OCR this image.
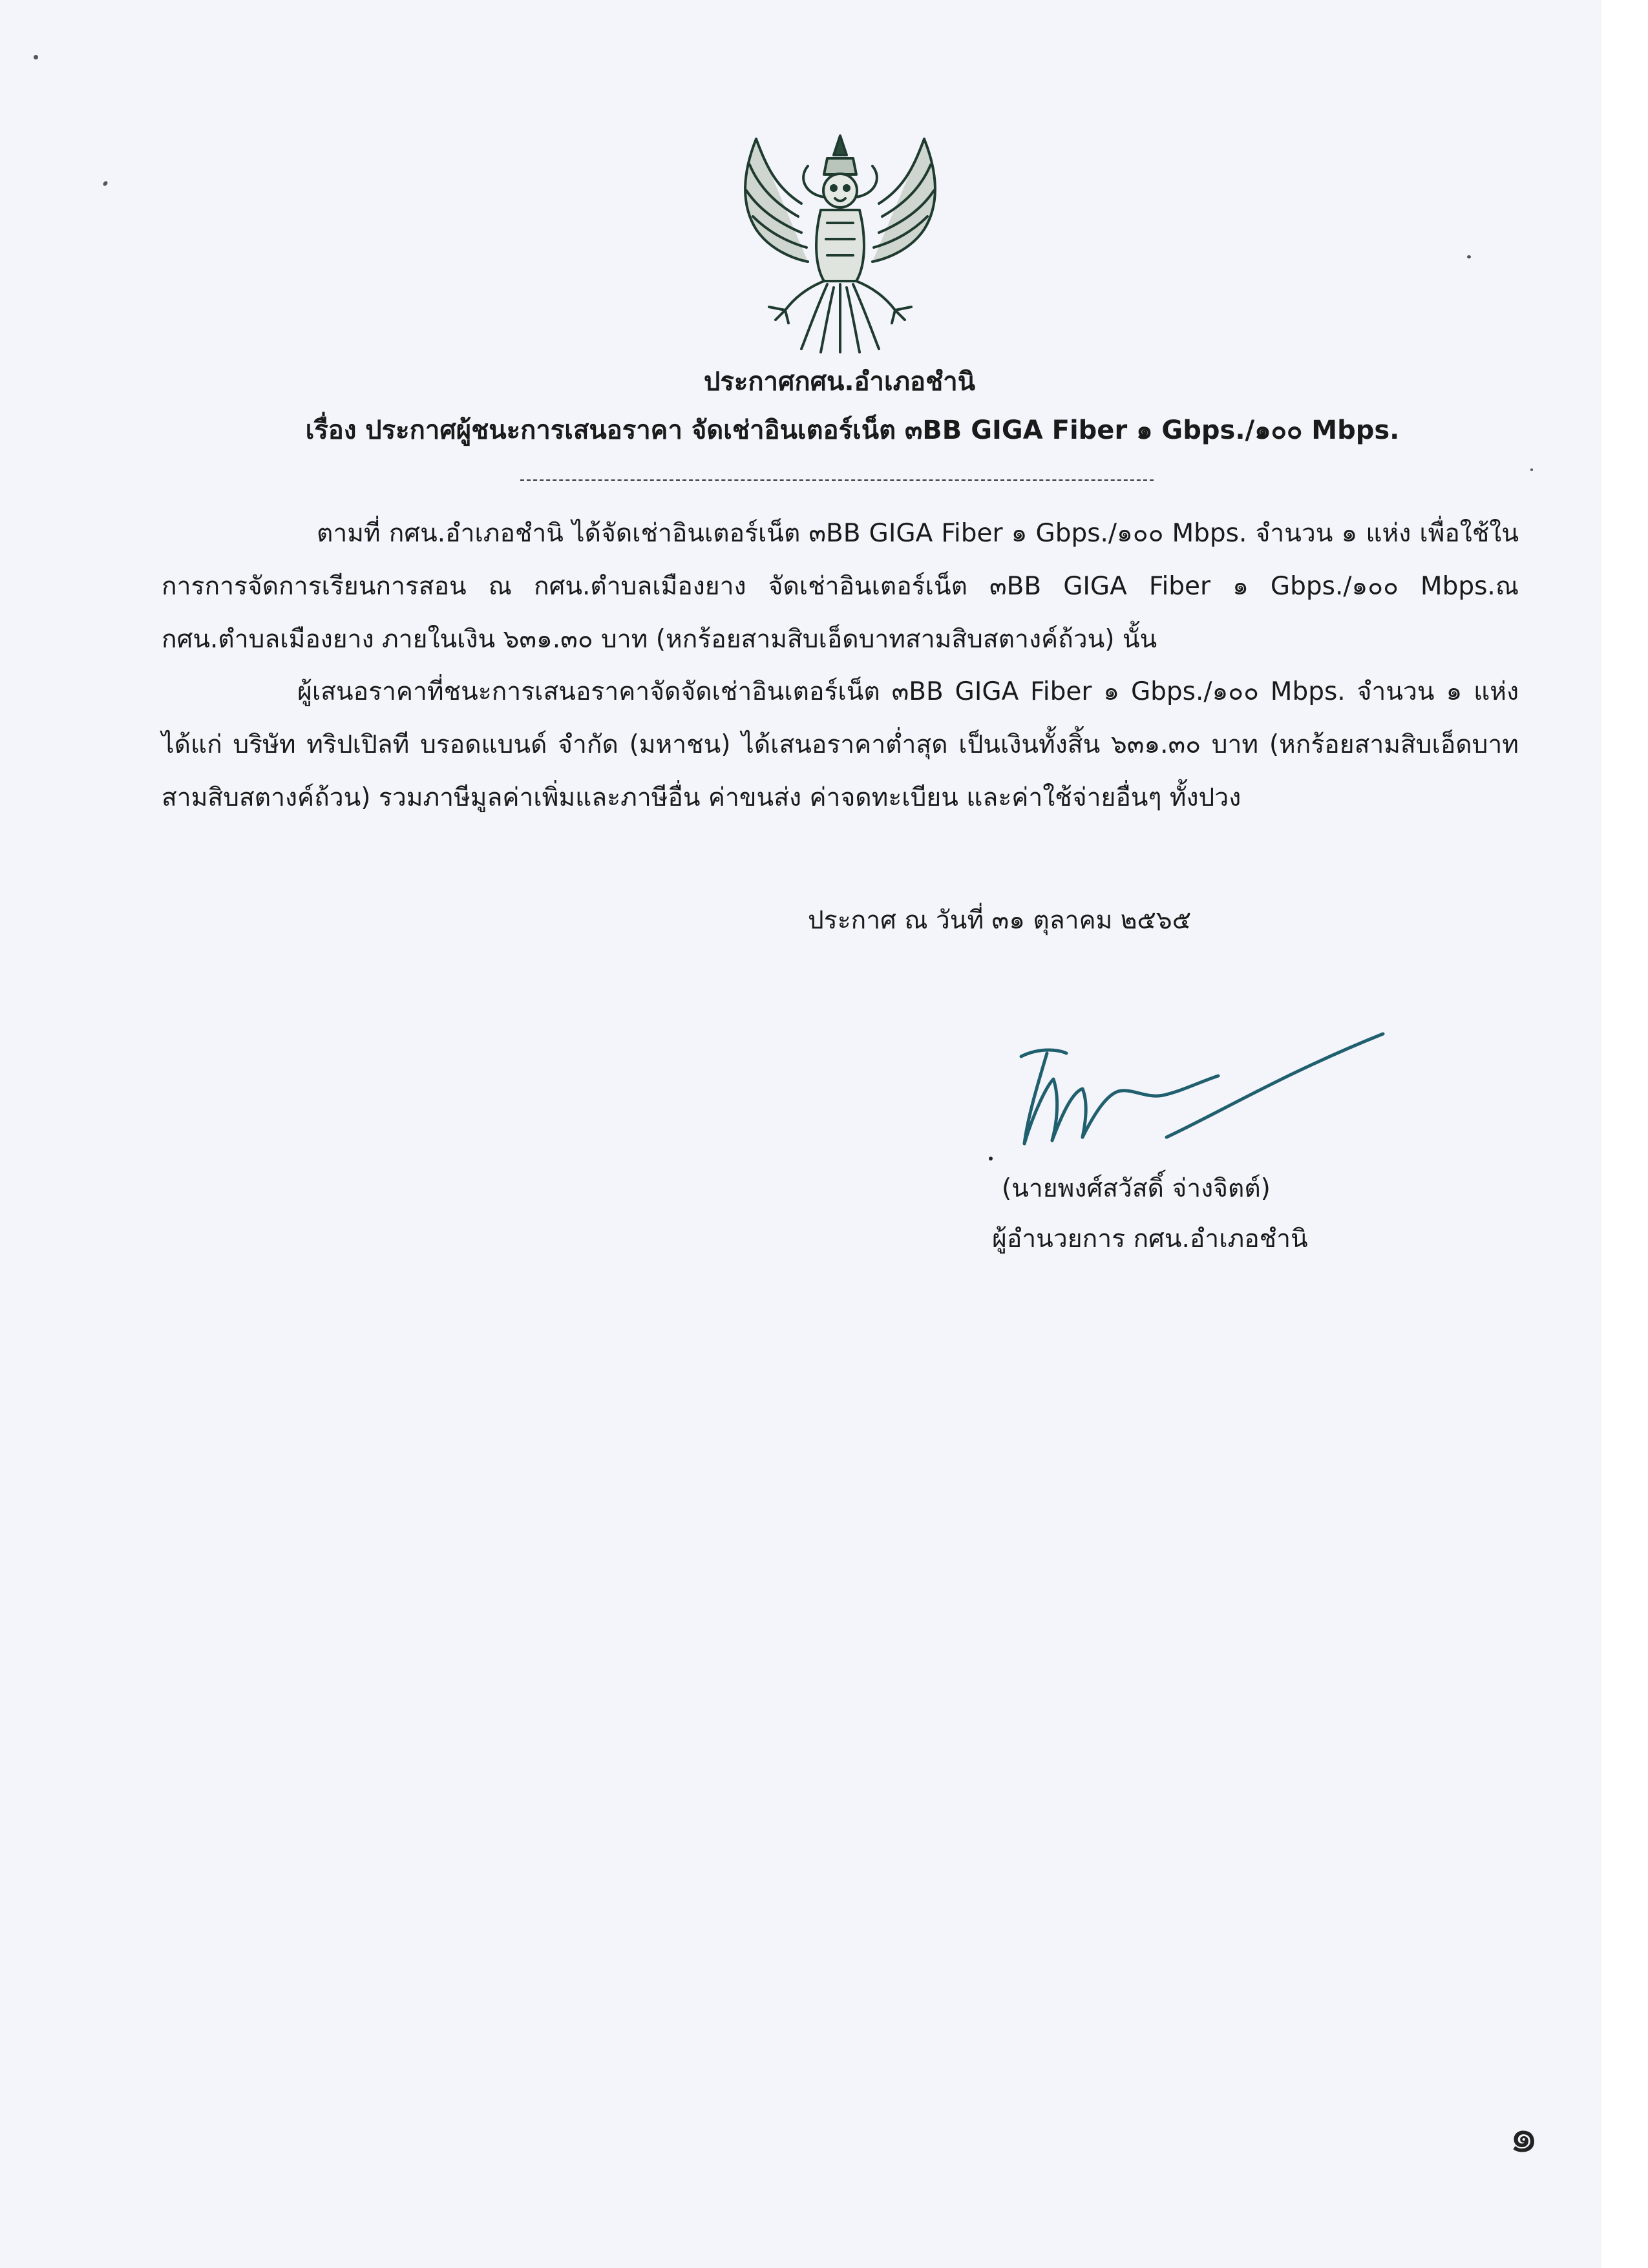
ประกาศกศน.อำเภอชำนิ
เรื่อง ประกาศผู้ชนะการเสนอราคา จัดเช่าอินเตอร์เน็ต ๓BB GIGA Fiber ๑ Gbps./๑๐๐ Mbps.
ตามที่ กศน.อำเภอชำนิ ได้จัดเช่าอินเตอร์เน็ต ๓BB GIGA Fiber ๑ Gbps./๑๐๐ Mbps. จำนวน ๑ แห่ง เพื่อใช้ในการการจัดการเรียนการสอน ณ กศน.ตำบลเมืองยาง จัดเช่าอินเตอร์เน็ต ๓BB GIGA Fiber ๑ Gbps./๑๐๐ Mbps.ณ กศน.ตำบลเมืองยาง ภายในเงิน ๖๓๑.๓๐ บาท (หกร้อยสามสิบเอ็ดบาทสามสิบสตางค์ถ้วน) นั้น
ผู้เสนอราคาที่ชนะการเสนอราคาจัดจัดเช่าอินเตอร์เน็ต ๓BB GIGA Fiber ๑ Gbps./๑๐๐ Mbps. จำนวน ๑ แห่ง ได้แก่ บริษัท ทริปเปิลที บรอดแบนด์ จำกัด (มหาชน) ได้เสนอราคาต่ำสุด เป็นเงินทั้งสิ้น ๖๓๑.๓๐ บาท (หกร้อยสามสิบเอ็ดบาทสามสิบสตางค์ถ้วน) รวมภาษีมูลค่าเพิ่มและภาษีอื่น ค่าขนส่ง ค่าจดทะเบียน และค่าใช้จ่ายอื่นๆ ทั้งปวง
ประกาศ ณ วันที่ ๓๑ ตุลาคม ๒๕๖๕
(นายพงศ์สวัสดิ์ จ่างจิตต์)
ผู้อำนวยการ กศน.อำเภอชำนิ
๑
